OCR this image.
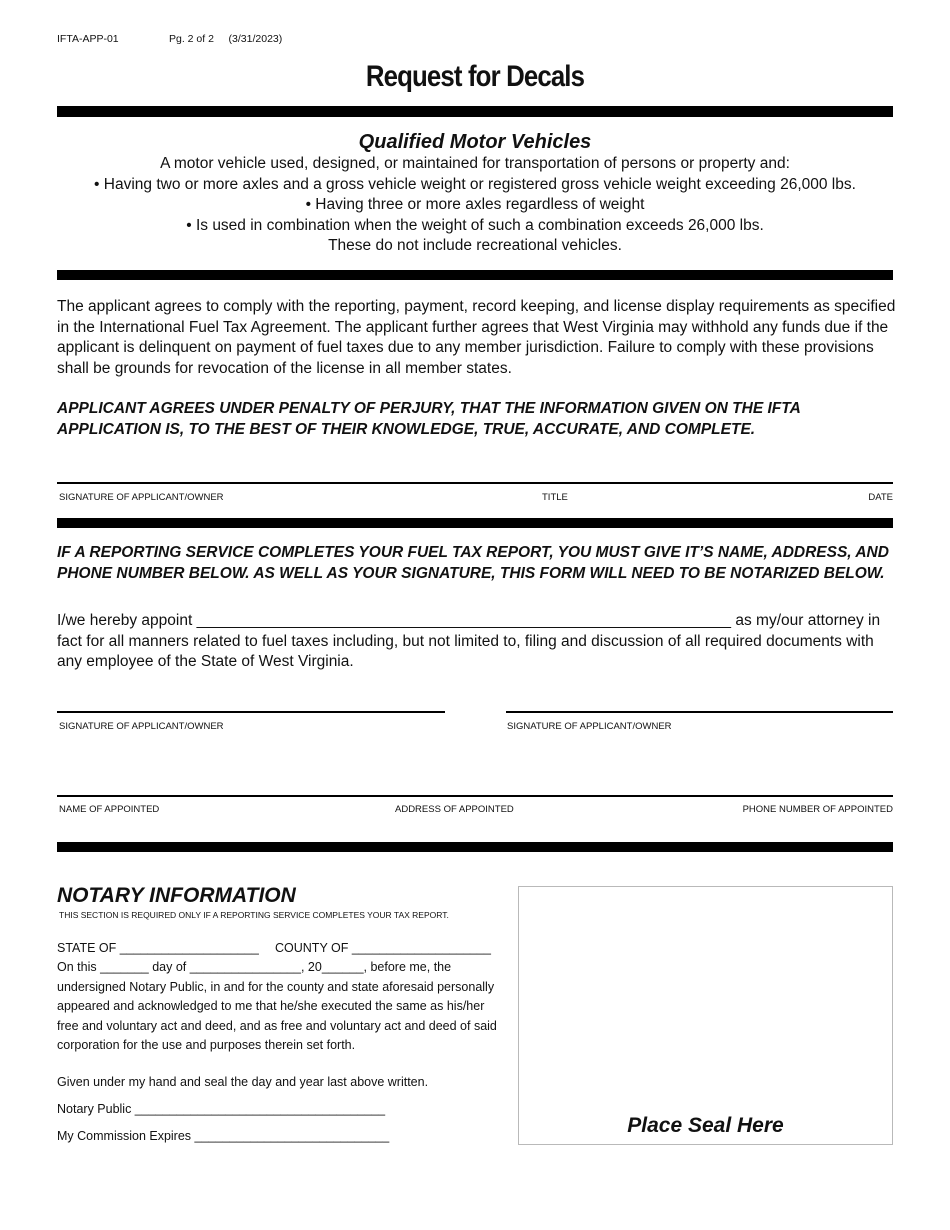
IFTA-APP-01	Pg. 2 of 2     (3/31/2023)
Request for Decals
Qualified Motor Vehicles
A motor vehicle used, designed, or maintained for transportation of persons or property and:
• Having two or more axles and a gross vehicle weight or registered gross vehicle weight exceeding 26,000 lbs.
• Having three or more axles regardless of weight
• Is used in combination when the weight of such a combination exceeds 26,000 lbs.
These do not include recreational vehicles.
The applicant agrees to comply with the reporting, payment, record keeping, and license display requirements as specified in the International Fuel Tax Agreement. The applicant further agrees that West Virginia may withhold any funds due if the applicant is delinquent on payment of fuel taxes due to any member jurisdiction. Failure to comply with these provisions shall be grounds for revocation of the license in all member states.
APPLICANT AGREES UNDER PENALTY OF PERJURY, THAT THE INFORMATION GIVEN ON THE IFTA APPLICATION IS, TO THE BEST OF THEIR KNOWLEDGE, TRUE, ACCURATE, AND COMPLETE.
SIGNATURE OF APPLICANT/OWNER	TITLE	DATE
IF A REPORTING SERVICE COMPLETES YOUR FUEL TAX REPORT, YOU MUST GIVE IT’S NAME, ADDRESS, AND PHONE NUMBER BELOW. AS WELL AS YOUR SIGNATURE, THIS FORM WILL NEED TO BE NOTARIZED BELOW.
I/we hereby appoint ______________________________________________________________ as my/our attorney in fact for all manners related to fuel taxes including, but not limited to, filing and discussion of all required documents with any employee of the State of West Virginia.
SIGNATURE OF APPLICANT/OWNER	SIGNATURE OF APPLICANT/OWNER
NAME OF APPOINTED	ADDRESS OF APPOINTED	PHONE NUMBER OF APPOINTED
NOTARY INFORMATION
THIS SECTION IS REQUIRED ONLY IF A REPORTING SERVICE COMPLETES YOUR TAX REPORT.
STATE OF ____________________	COUNTY OF ____________________
On this _______ day of ________________, 20______, before me, the undersigned Notary Public, in and for the county and state aforesaid personally appeared and acknowledged to me that he/she executed the same as his/her free and voluntary act and deed, and as free and voluntary act and deed of said corporation for the use and purposes therein set forth.
Given under my hand and seal the day and year last above written.
Notary Public ____________________________________
My Commission Expires ____________________________	Place Seal Here
